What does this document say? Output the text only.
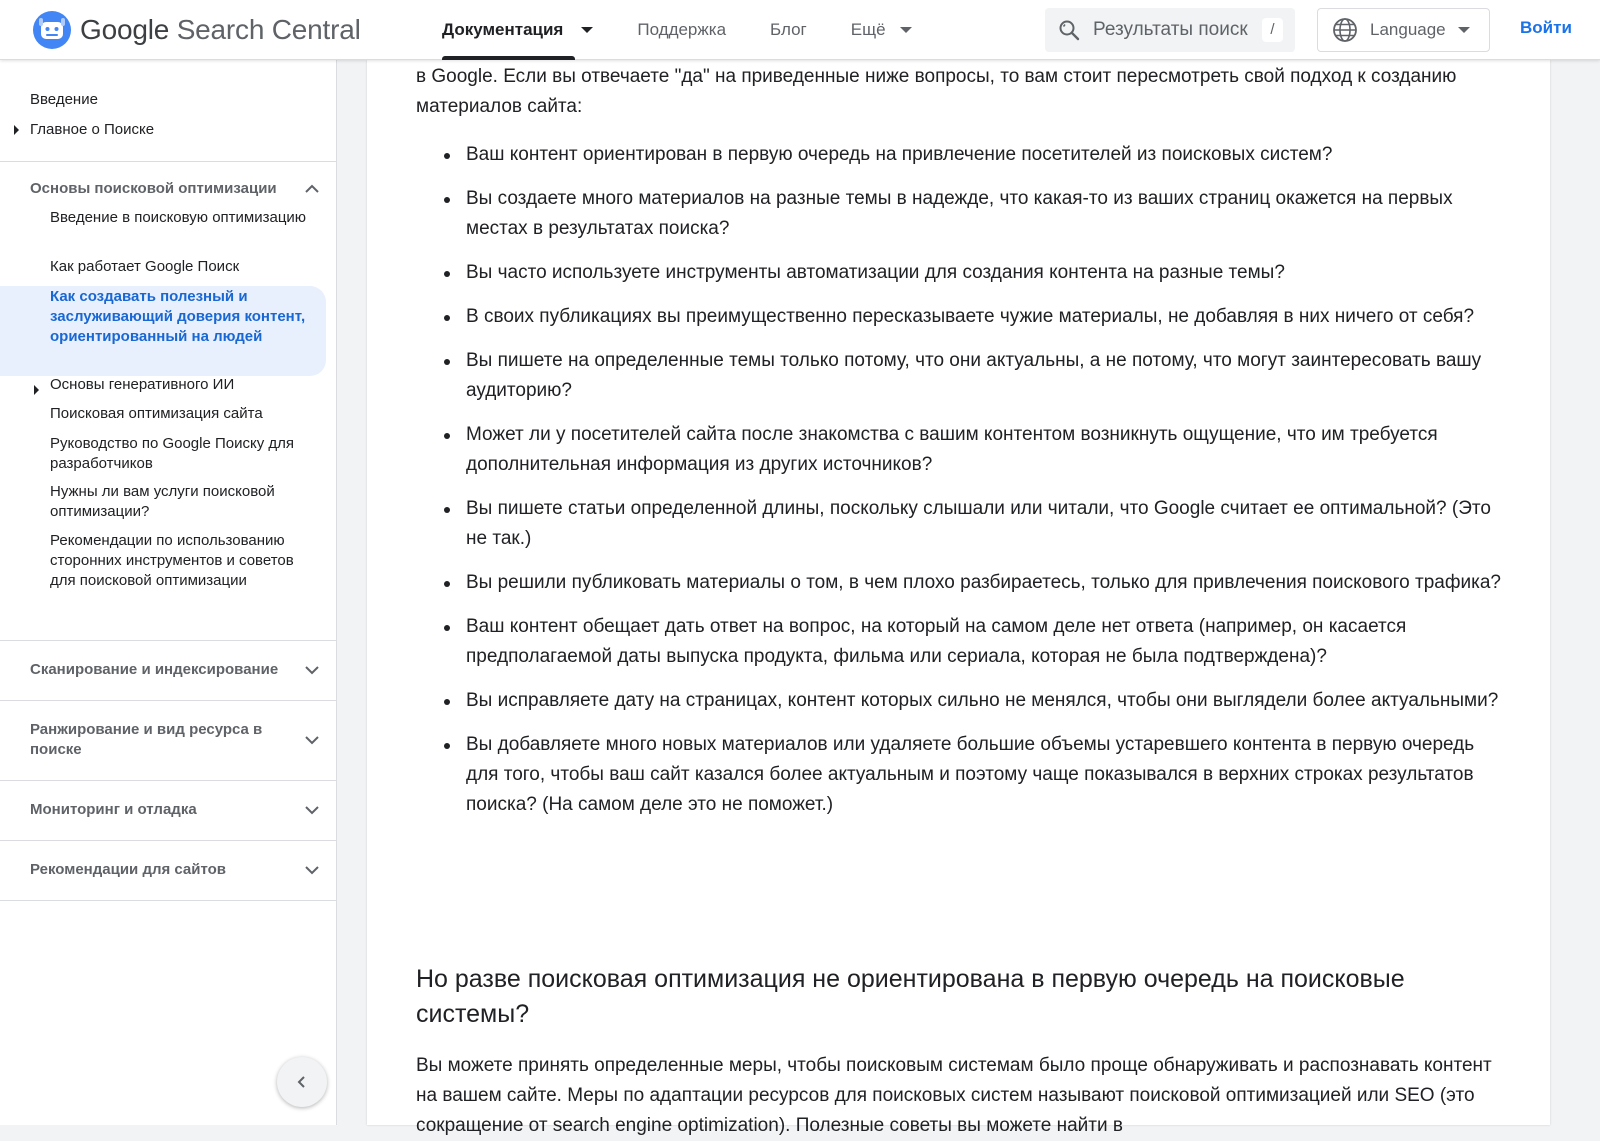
Google Search Central	Документация	Поддержка	Блог	Ещё
Результаты поиск	/	Language	Войти
Введение
Главное о Поиске
Основы поисковой оптимизации
Введение в поисковую оптимизацию
Как работает Google Поиск
Как создавать полезный и заслуживающий доверия контент, ориентированный на людей
Основы генеративного ИИ
Поисковая оптимизация сайта
Руководство по Google Поиску для разработчиков
Нужны ли вам услуги поисковой оптимизации?
Рекомендации по использованию сторонних инструментов и советов для поисковой оптимизации
Сканирование и индексирование
Ранжирование и вид ресурса в поиске
Мониторинг и отладка
Рекомендации для сайтов

в Google. Если вы отвечаете "да" на приведенные ниже вопросы, то вам стоит пересмотреть свой подход к созданию материалов сайта:

Ваш контент ориентирован в первую очередь на привлечение посетителей из поисковых систем?
Вы создаете много материалов на разные темы в надежде, что какая-то из ваших страниц окажется на первых местах в результатах поиска?
Вы часто используете инструменты автоматизации для создания контента на разные темы?
В своих публикациях вы преимущественно пересказываете чужие материалы, не добавляя в них ничего от себя?
Вы пишете на определенные темы только потому, что они актуальны, а не потому, что могут заинтересовать вашу аудиторию?
Может ли у посетителей сайта после знакомства с вашим контентом возникнуть ощущение, что им требуется дополнительная информация из других источников?
Вы пишете статьи определенной длины, поскольку слышали или читали, что Google считает ее оптимальной? (Это не так.)
Вы решили публиковать материалы о том, в чем плохо разбираетесь, только для привлечения поискового трафика?
Ваш контент обещает дать ответ на вопрос, на который на самом деле нет ответа (например, он касается предполагаемой даты выпуска продукта, фильма или сериала, которая не была подтверждена)?
Вы исправляете дату на страницах, контент которых сильно не менялся, чтобы они выглядели более актуальными?
Вы добавляете много новых материалов или удаляете большие объемы устаревшего контента в первую очередь для того, чтобы ваш сайт казался более актуальным и поэтому чаще показывался в верхних строках результатов поиска? (На самом деле это не поможет.)
Но разве поисковая оптимизация не ориентирована в первую очередь на поисковые системы?

Вы можете принять определенные меры, чтобы поисковым системам было проще обнаруживать и распознавать контент на вашем сайте. Меры по адаптации ресурсов для поисковых систем называют поисковой оптимизацией или SEO (это сокращение от search engine optimization). Полезные советы вы можете найти в
